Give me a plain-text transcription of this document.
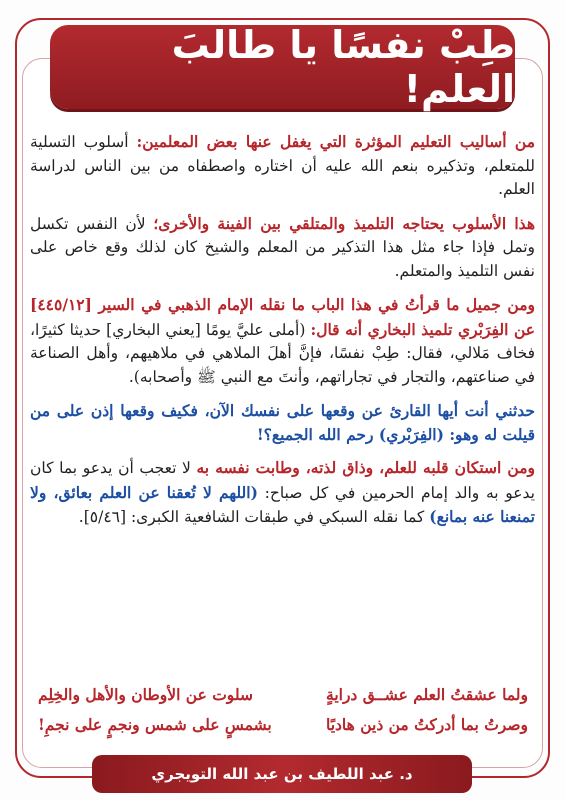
طِبْ نفسًا يا طالبَ العلم!

من أساليب التعليم المؤثرة التي يغفل عنها بعض المعلمين: أسلوب التسلية للمتعلم، وتذكيره بنعم الله عليه أن اختاره واصطفاه من بين الناس لدراسة العلم.

هذا الأسلوب يحتاجه التلميذ والمتلقي بين الفينة والأخرى؛ لأن النفس تكسل وتمل فإذا جاء مثل هذا التذكير من المعلم والشيخ كان لذلك وقع خاص على نفس التلميذ والمتعلم.

ومن جميل ما قرأتُ في هذا الباب ما نقله الإمام الذهبي في السير [٤٤٥/١٢] عن الفِرَبْري تلميذ البخاري أنه قال: (أملى عليَّ يومًا [يعني البخاري] حديثا كثيرًا، فخاف مَلالي، فقال: طِبْ نفسًا، فإنَّ أهلَ الملاهي في ملاهيهم، وأهل الصناعة في صناعتهم، والتجار في تجاراتهم، وأنتَ مع النبي ﷺ وأصحابه).

حدثني أنت أيها القارئ عن وقعها على نفسك الآن، فكيف وقعها إذن على من قيلت له وهو: (الفِرَبْري) رحم الله الجميع؟!

ومن استكان قلبه للعلم، وذاق لذته، وطابت نفسه به لا تعجب أن يدعو بما كان يدعو به والد إمام الحرمين في كل صباح: (اللهم لا تُعقنا عن العلم بعائق، ولا تمنعنا عنه بمانع) كما نقله السبكي في طبقات الشافعية الكبرى: [٥/٤٦].

ولما عشقتُ العلم عشــق درايةٍ
سلوت عن الأوطان والأهل والخِلِم
وصرتُ بما أدركتُ من ذين هاديًا
بشمسٍ على شمس ونجمٍ على نجمِ!
د. عبد اللطيف بن عبد الله التويجري
